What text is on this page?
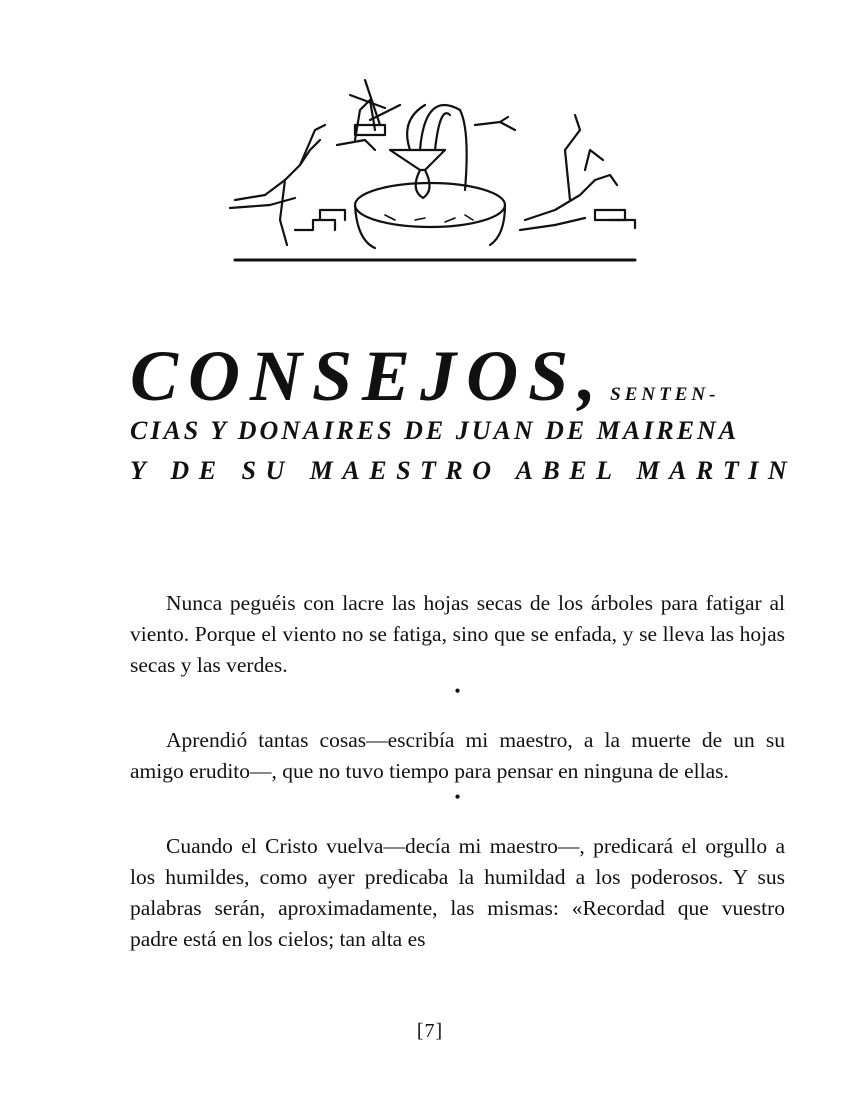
CONSEJOS , SENTEN-
CIAS Y DONAIRES DE JUAN DE MAIRENA
Y DE SU MAESTRO ABEL MARTIN

Nunca peguéis con lacre las hojas secas de los árboles para fatigar al viento. Porque el viento no se fatiga, sino que se enfada, y se lleva las hojas secas y las verdes.

•

Aprendió tantas cosas—escribía mi maestro, a la muerte de un su amigo erudito—, que no tuvo tiempo para pensar en ninguna de ellas.

•

Cuando el Cristo vuelva—decía mi maestro—, predicará el orgullo a los humildes, como ayer predicaba la humildad a los poderosos. Y sus palabras serán, aproximadamente, las mismas: «Recordad que vuestro padre está en los cielos; tan alta es

[7]
